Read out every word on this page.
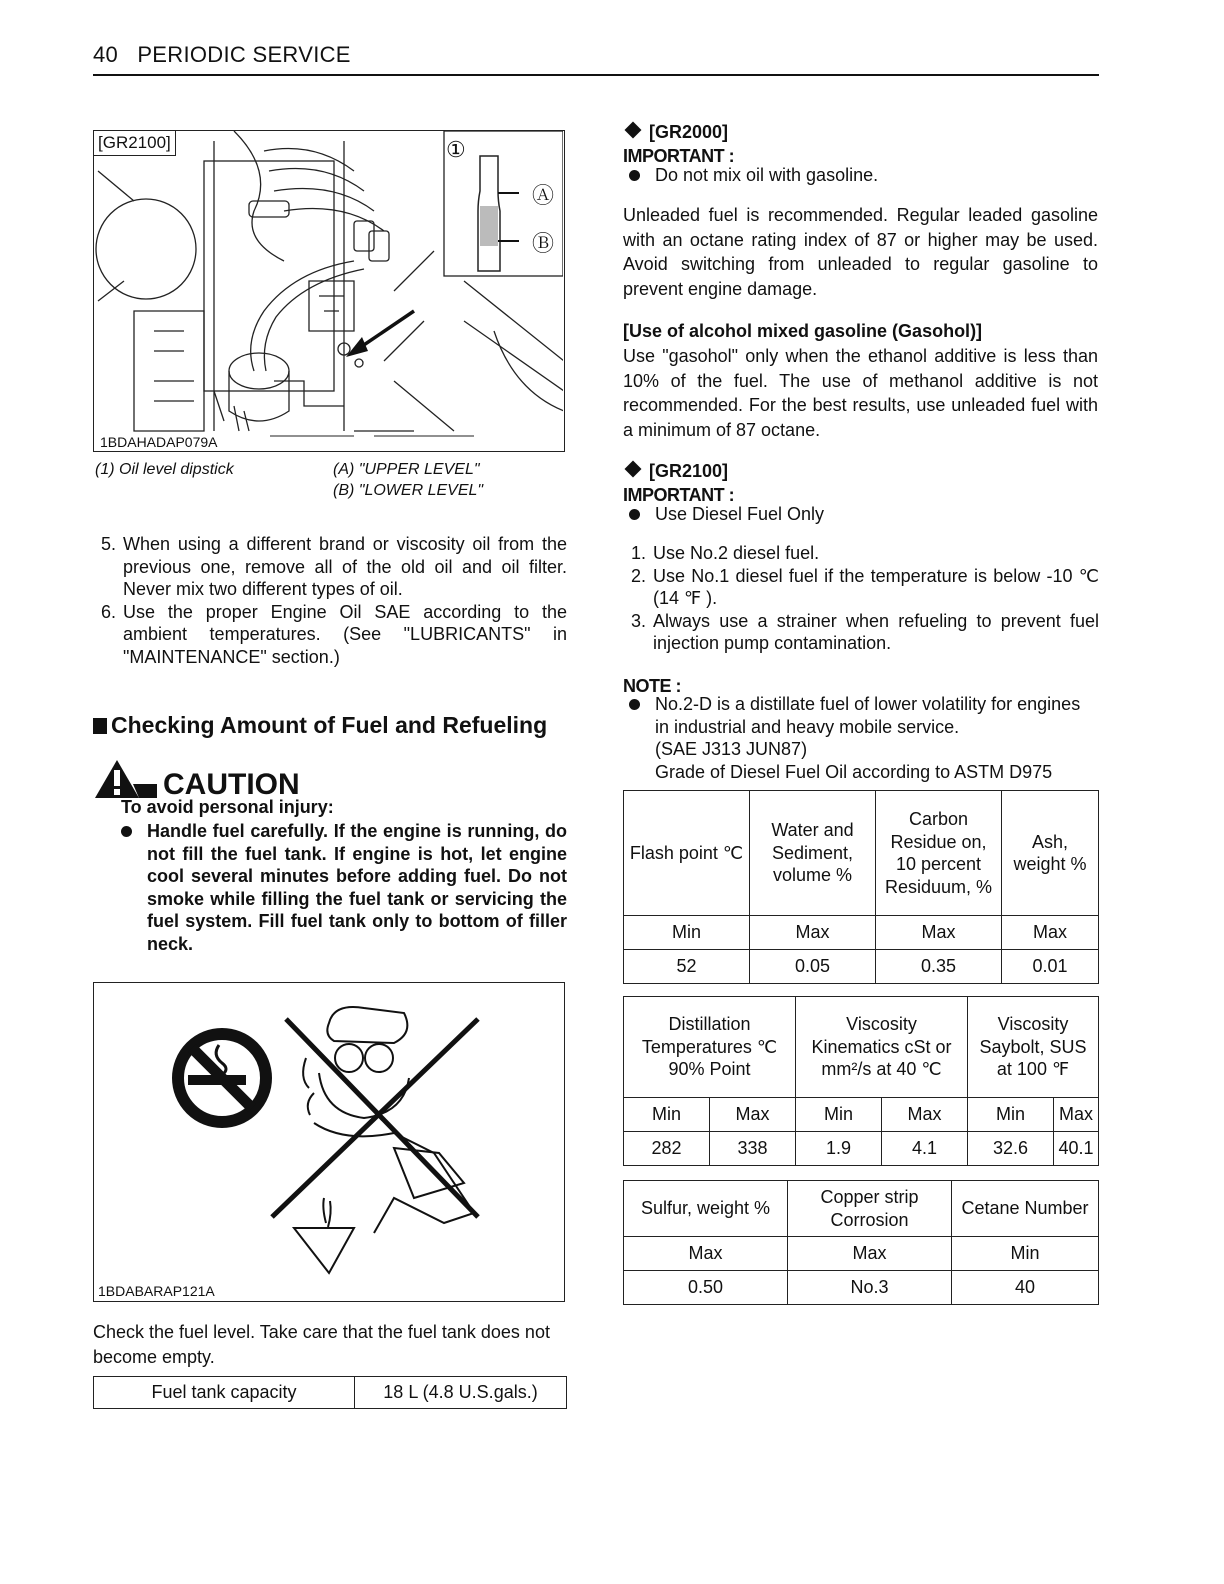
40 PERIODIC SERVICE
[GR2100]	①
Ⓐ
Ⓑ
1BDAHADAP079A
(1) Oil level dipstick	(A) "UPPER LEVEL"
(B) "LOWER LEVEL"
5. When using a different brand or viscosity oil from the previous one, remove all of the old oil and oil filter. Never mix two different types of oil.
6. Use the proper Engine Oil SAE according to the ambient temperatures. (See "LUBRICANTS" in "MAINTENANCE" section.)
Checking Amount of Fuel and Refueling
CAUTION
To avoid personal injury:
Handle fuel carefully. If the engine is running, do not fill the fuel tank. If engine is hot, let engine cool several minutes before adding fuel. Do not smoke while filling the fuel tank or servicing the fuel system. Fill fuel tank only to bottom of filler neck.
1BDABARAP121A
Check the fuel level. Take care that the fuel tank does not become empty.
Fuel tank capacity	18 L (4.8 U.S.gals.)
[GR2000]
IMPORTANT :
Do not mix oil with gasoline.
Unleaded fuel is recommended. Regular leaded gasoline with an octane rating index of 87 or higher may be used. Avoid switching from unleaded to regular gasoline to prevent engine damage.
[Use of alcohol mixed gasoline (Gasohol)]
Use "gasohol" only when the ethanol additive is less than 10% of the fuel. The use of methanol additive is not recommended. For the best results, use unleaded fuel with a minimum of 87 octane.
[GR2100]
IMPORTANT :
Use Diesel Fuel Only
1. Use No.2 diesel fuel.
2. Use No.1 diesel fuel if the temperature is below -10 ℃ (14 ℉ ).
3. Always use a strainer when refueling to prevent fuel injection pump contamination.
NOTE :
No.2-D is a distillate fuel of lower volatility for engines in industrial and heavy mobile service.
(SAE J313 JUN87)
Grade of Diesel Fuel Oil according to ASTM D975
Flash point ℃	Water and Sediment, volume %	Carbon Residue on, 10 percent Residuum, %	Ash, weight %
Min	Max	Max	Max
52	0.05	0.35	0.01
Distillation Temperatures ℃ 90% Point		Viscosity Kinematics cSt or mm²/s at 40 ℃		Viscosity Saybolt, SUS at 100 ℉	
Min	Max	Min	Max	Min	Max
282	338	1.9	4.1	32.6	40.1
Sulfur, weight %	Copper strip Corrosion	Cetane Number
Max	Max	Min
0.50	No.3	40
